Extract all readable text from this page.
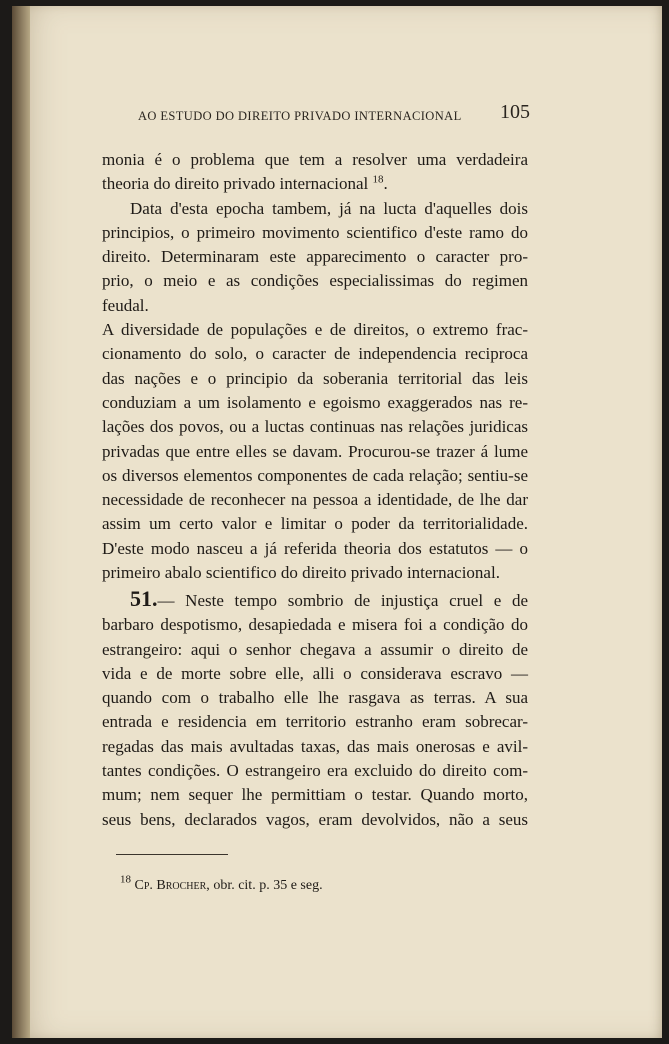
AO ESTUDO DO DIREITO PRIVADO INTERNACIONAL 105

monia é o problema que tem a resolver uma verdadeira

theoria do direito privado internacional $^{18}$.

Data d'esta epocha tambem, já na lucta d'aquelles dois

principios, o primeiro movimento scientifico d'este ramo do

direito. Determinaram este apparecimento o caracter pro-

prio, o meio e as condições especialissimas do regimen feudal.

A diversidade de populações e de direitos, o extremo frac-

cionamento do solo, o caracter de independencia reciproca

das nações e o principio da soberania territorial das leis

conduziam a um isolamento e egoismo exaggerados nas re-

lações dos povos, ou a luctas continuas nas relações juridicas

privadas que entre elles se davam. Procurou-se trazer á lume

os diversos elementos componentes de cada relação; sentiu-se

necessidade de reconhecer na pessoa a identidade, de lhe dar

assim um certo valor e limitar o poder da territorialidade.

D'este modo nasceu a já referida theoria dos estatutos — o

primeiro abalo scientifico do direito privado internacional.

51.— Neste tempo sombrio de injustiça cruel e de

barbaro despotismo, desapiedada e misera foi a condição do

estrangeiro: aqui o senhor chegava a assumir o direito de

vida e de morte sobre elle, alli o considerava escravo —

quando com o trabalho elle lhe rasgava as terras. A sua

entrada e residencia em territorio estranho eram sobrecar-

regadas das mais avultadas taxas, das mais onerosas e avil-

tantes condições. O estrangeiro era excluido do direito com-

mum; nem sequer lhe permittiam o testar. Quando morto,

seus bens, declarados vagos, eram devolvidos, não a seus

$^{18}$ Cp. Brocher, obr. cit. p. 35 e seg.
